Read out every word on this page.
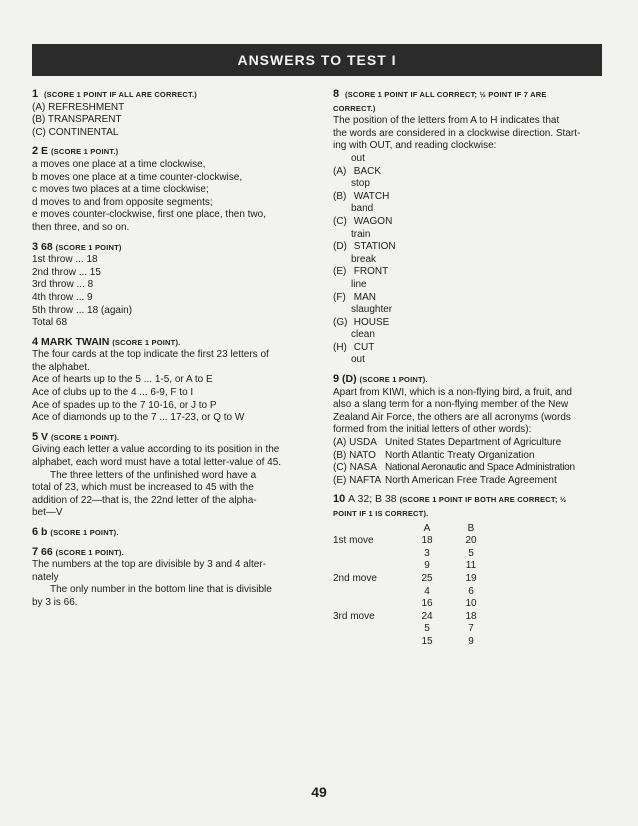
ANSWERS TO TEST I
1 (SCORE 1 POINT IF ALL ARE CORRECT.)
(A) REFRESHMENT
(B) TRANSPARENT
(C) CONTINENTAL
2 E (SCORE 1 POINT.)
a moves one place at a time clockwise,
b moves one place at a time counter-clockwise,
c moves two places at a time clockwise;
d moves to and from opposite segments;
e moves counter-clockwise, first one place, then two,
then three, and so on.
3 68 (SCORE 1 POINT)
1st throw ... 18
2nd throw ... 15
3rd throw ... 8
4th throw ... 9
5th throw ... 18 (again)
Total 68
4 MARK TWAIN (SCORE 1 POINT).
The four cards at the top indicate the first 23 letters of
the alphabet.
Ace of hearts up to the 5 ... 1-5, or A to E
Ace of clubs up to the 4 ... 6-9, F to I
Ace of spades up to the 7 10-16, or J to P
Ace of diamonds up to the 7 ... 17-23, or Q to W
5 V (SCORE 1 POINT).
Giving each letter a value according to its position in the
alphabet, each word must have a total letter-value of 45.
The three letters of the unfinished word have a
total of 23, which must be increased to 45 with the
addition of 22—that is, the 22nd letter of the alpha-
bet—V
6 b (SCORE 1 POINT).
7 66 (SCORE 1 POINT).
The numbers at the top are divisible by 3 and 4 alter-
nately
The only number in the bottom line that is divisible
by 3 is 66.
8 (SCORE 1 POINT IF ALL CORRECT; ½ POINT IF 7 ARE
CORRECT.)
The position of the letters from A to H indicates that
the words are considered in a clockwise direction. Start-
ing with OUT, and reading clockwise:
out
(A) BACK
stop
(B) WATCH
band
(C) WAGON
train
(D) STATION
break
(E) FRONT
line
(F) MAN
slaughter
(G) HOUSE
clean
(H) CUT
out
9 (D) (SCORE 1 POINT).
Apart from KIWI, which is a non-flying bird, a fruit, and
also a slang term for a non-flying member of the New
Zealand Air Force, the others are all acronyms (words
formed from the initial letters of other words):
(A) USDA United States Department of Agriculture
(B) NATO North Atlantic Treaty Organization
(C) NASA National Aeronautic and Space Administration
(E) NAFTA North American Free Trade Agreement
10 A 32; B 38 (SCORE 1 POINT IF BOTH ARE CORRECT; ½
POINT IF 1 IS CORRECT).
	A	B
1st move	18	20
	3	5
	9	11
2nd move	25	19
	4	6
	16	10
3rd move	24	18
	5	7
	15	9
49
